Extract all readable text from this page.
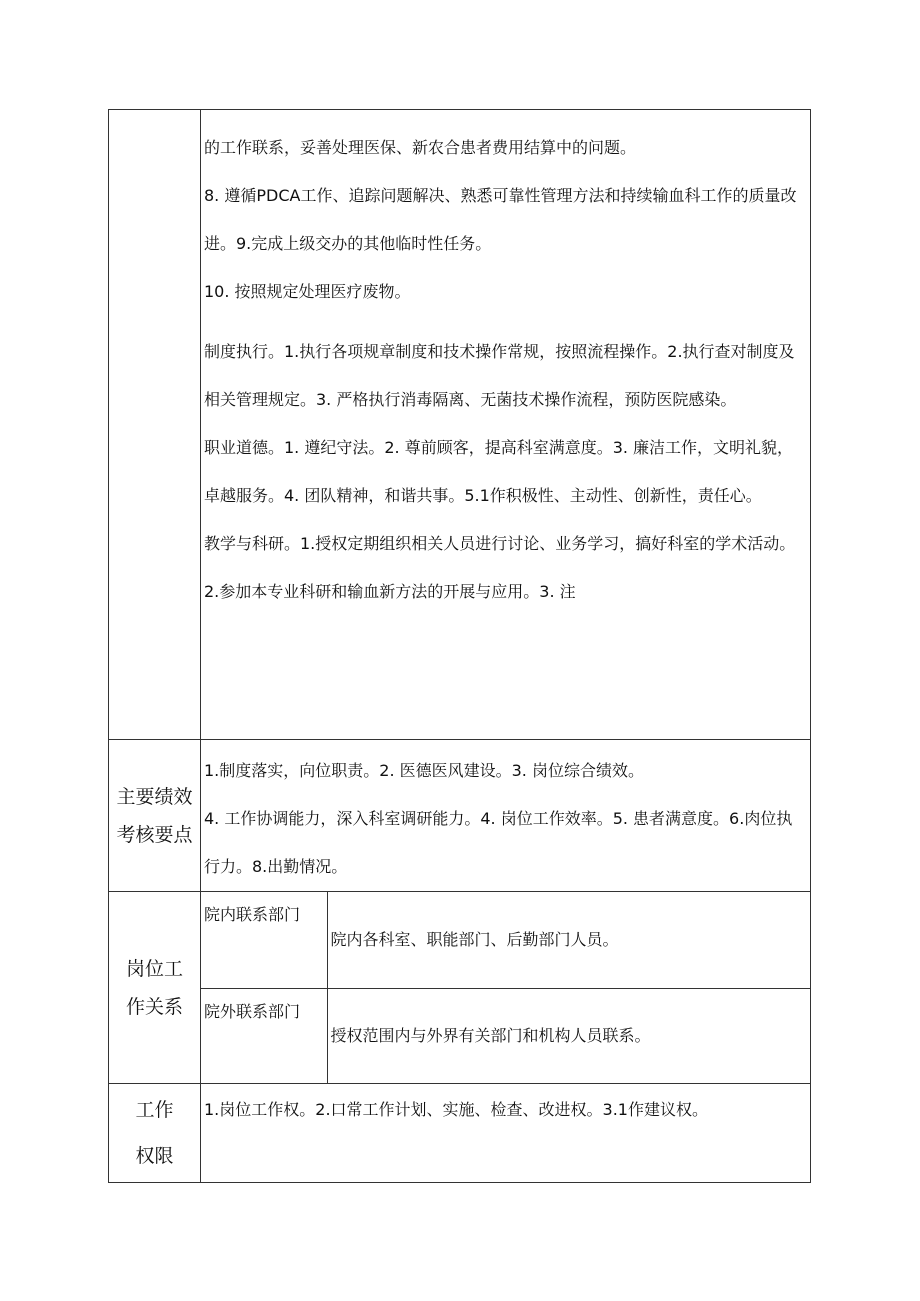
的工作联系，妥善处理医保、新农合患者费用结算中的问题。
8. 遵循PDCA工作、追踪问题解决、熟悉可靠性管理方法和持续输血科工作的质量改进。9.完成上级交办的其他临时性任务。
10. 按照规定处理医疗废物。
制度执行。1.执行各项规章制度和技术操作常规，按照流程操作。2.执行查对制度及相关管理规定。3. 严格执行消毒隔离、无菌技术操作流程，预防医院感染。
职业道德。1. 遵纪守法。2. 尊前顾客，提高科室满意度。3. 廉洁工作，文明礼貌，卓越服务。4. 团队精神，和谐共事。5.1作积极性、主动性、创新性，责任心。
教学与科研。1.授权定期组织相关人员进行讨论、业务学习，搞好科室的学术活动。2.参加本专业科研和输血新方法的开展与应用。3. 注

主要绩效
考核要点

1.制度落实，向位职责。2. 医德医风建设。3. 岗位综合绩效。
4. 工作协调能力，深入科室调研能力。4. 岗位工作效率。5. 患者满意度。6.肉位执行力。8.出勤情况。

岗位工
作关系

院内联系部门	院内各科室、职能部门、后勤部门人员。
院外联系部门	授权范围内与外界有关部门和机构人员联系。

工作
权限

1.岗位工作权。2.口常工作计划、实施、检查、改进权。3.1作建议权。
